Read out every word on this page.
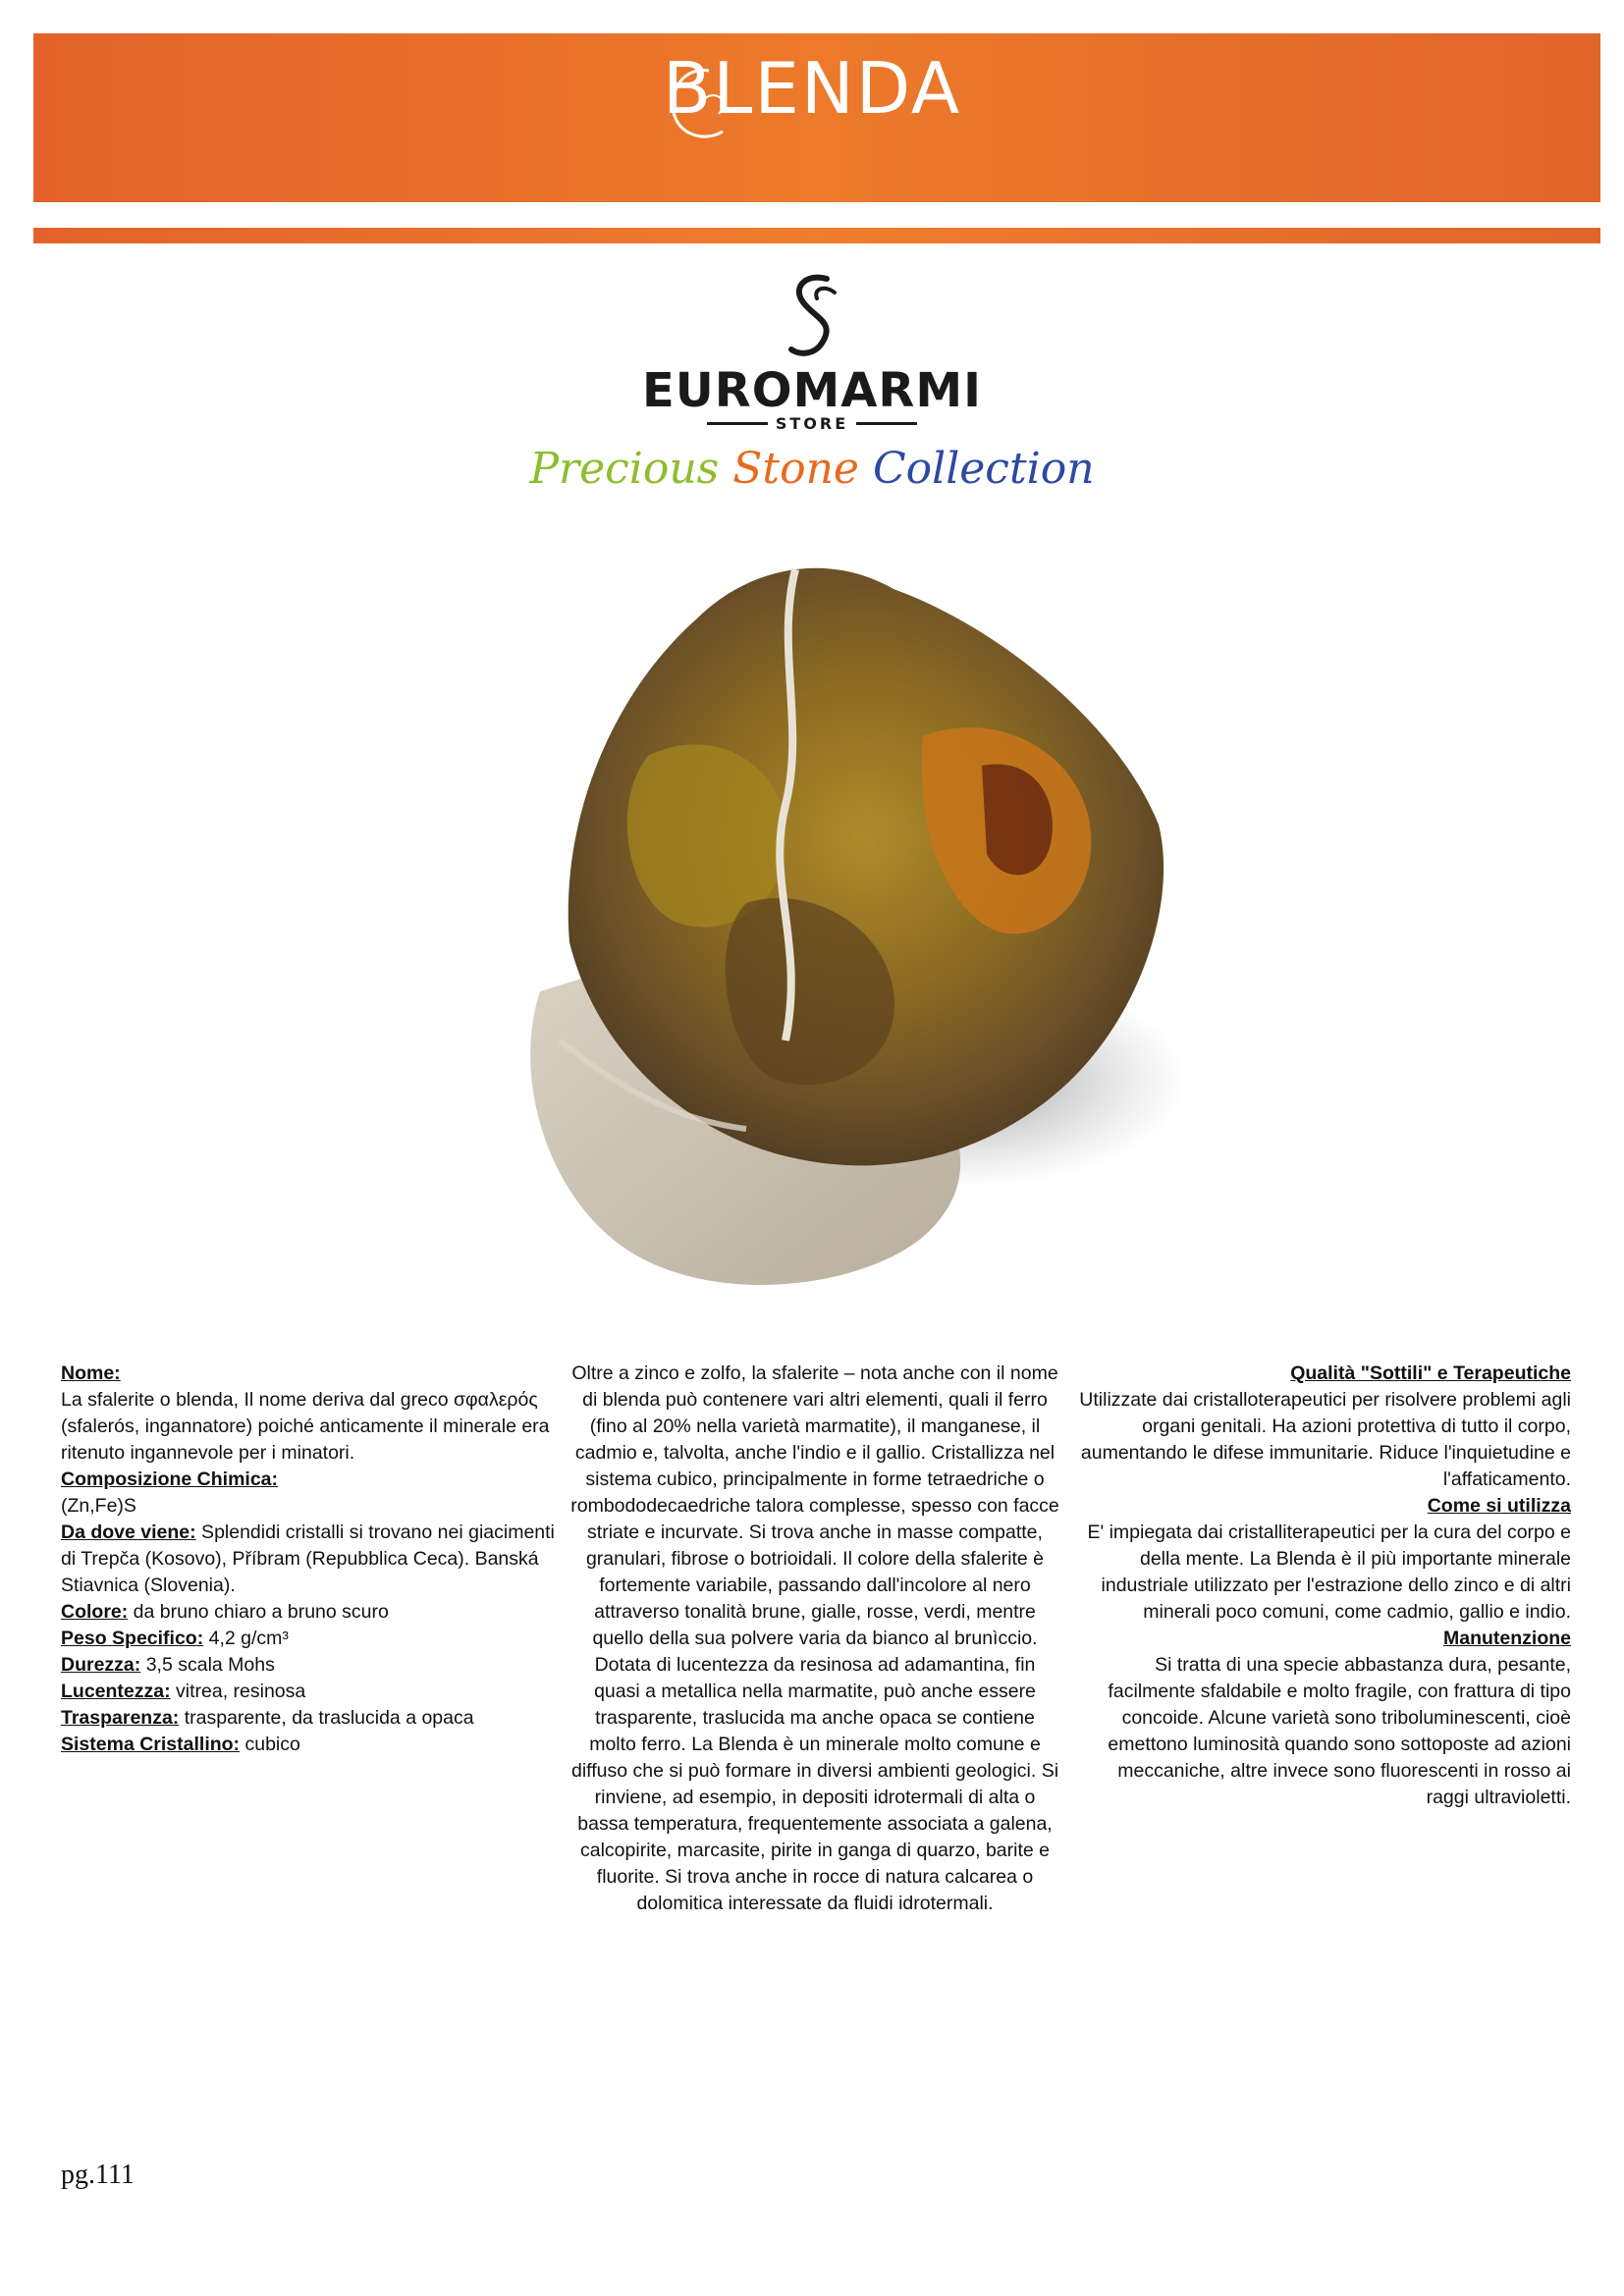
BLENDA
EUROMARMI
STORE
Precious Stone Collection

Nome:

La sfalerite o blenda, Il nome deriva dal greco σφαλερός (sfalerós, ingannatore) poiché anticamente il minerale era ritenuto ingannevole per i minatori.

Composizione Chimica:

(Zn,Fe)S

Da dove viene: Splendidi cristalli si trovano nei giacimenti di Trepča (Kosovo), Příbram (Repubblica Ceca). Banská Stiavnica (Slovenia).

Colore: da bruno chiaro a bruno scuro

Peso Specifico: 4,2 g/cm³

Durezza: 3,5 scala Mohs

Lucentezza: vitrea, resinosa

Trasparenza: trasparente, da traslucida a opaca

Sistema Cristallino: cubico

Oltre a zinco e zolfo, la sfalerite – nota anche con il nome di blenda può contenere vari altri elementi, quali il ferro (fino al 20% nella varietà marmatite), il manganese, il cadmio e, talvolta, anche l'indio e il gallio. Cristallizza nel sistema cubico, principalmente in forme tetraedriche o rombododecaedriche talora complesse, spesso con facce striate e incurvate. Si trova anche in masse compatte, granulari, fibrose o botrioidali. Il colore della sfalerite è fortemente variabile, passando dall'incolore al nero attraverso tonalità brune, gialle, rosse, verdi, mentre quello della sua polvere varia da bianco al brunìccio. Dotata di lucentezza da resinosa ad adamantina, fin quasi a metallica nella marmatite, può anche essere trasparente, traslucida ma anche opaca se contiene molto ferro. La Blenda è un minerale molto comune e diffuso che si può formare in diversi ambienti geologici. Si rinviene, ad esempio, in depositi idrotermali di alta o bassa temperatura, frequentemente associata a galena, calcopirite, marcasite, pirite in ganga di quarzo, barite e fluorite. Si trova anche in rocce di natura calcarea o dolomitica interessate da fluidi idrotermali.

Qualità "Sottili" e Terapeutiche

Utilizzate dai cristalloterapeutici per risolvere problemi agli organi genitali. Ha azioni protettiva di tutto il corpo, aumentando le difese immunitarie. Riduce l'inquietudine e l'affaticamento.

Come si utilizza

E' impiegata dai cristalliterapeutici per la cura del corpo e della mente. La Blenda è il più importante minerale industriale utilizzato per l'estrazione dello zinco e di altri minerali poco comuni, come cadmio, gallio e indio.

Manutenzione

Si tratta di una specie abbastanza dura, pesante, facilmente sfaldabile e molto fragile, con frattura di tipo concoide. Alcune varietà sono triboluminescenti, cioè emettono luminosità quando sono sottoposte ad azioni meccaniche, altre invece sono fluorescenti in rosso ai raggi ultravioletti.

pg.111
